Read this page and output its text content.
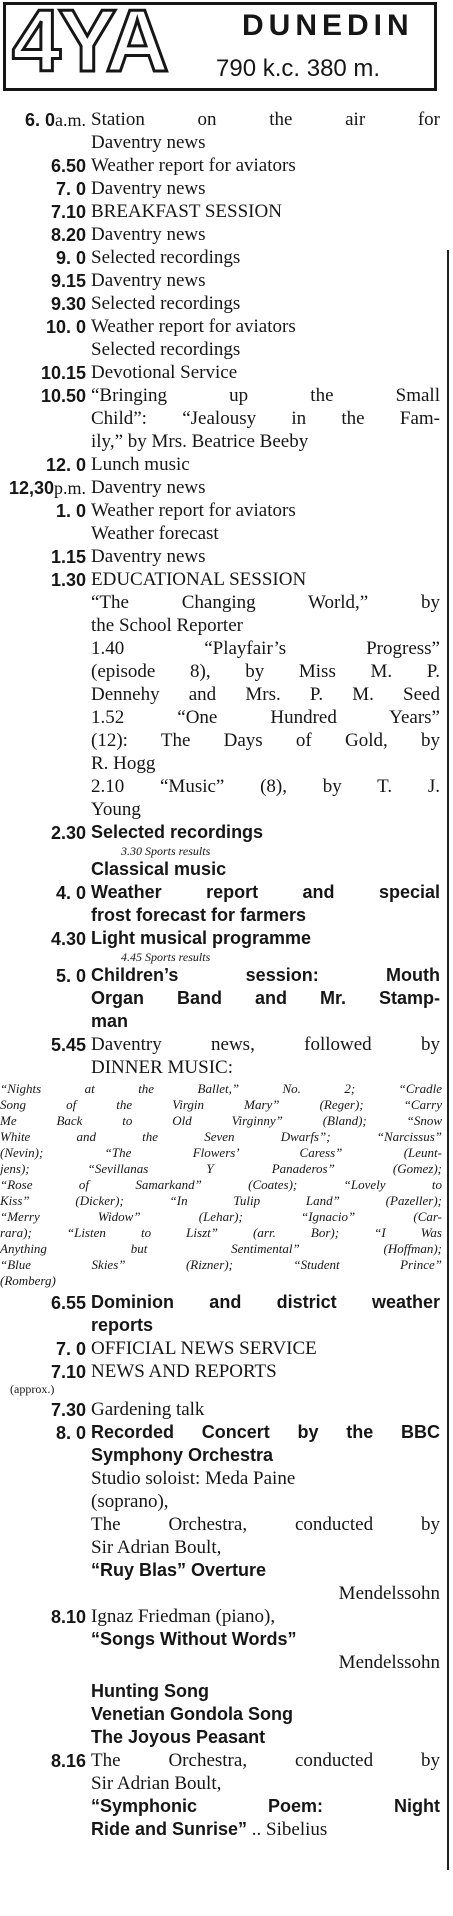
4YA	DUNEDIN
790 k.c. 380 m.
6. 0a.m. Station on the air for
Daventry news
6.50 Weather report for aviators
7. 0 Daventry news
7.10 BREAKFAST SESSION
8.20 Daventry news
9. 0 Selected recordings
9.15 Daventry news
9.30 Selected recordings
10. 0 Weather report for aviators
Selected recordings
10.15 Devotional Service
10.50 “Bringing up the Small
Child”: “Jealousy in the Fam-
ily,” by Mrs. Beatrice Beeby
12. 0 Lunch music
12,30p.m. Daventry news
1. 0 Weather report for aviators
Weather forecast
1.15 Daventry news
1.30 EDUCATIONAL SESSION
“The Changing World,” by
the School Reporter
1.40 “Playfair’s Progress”
(episode 8), by Miss M. P.
Dennehy and Mrs. P. M. Seed
1.52 “One Hundred Years”
(12): The Days of Gold, by
R. Hogg
2.10 “Music” (8), by T. J.
Young
2.30 Selected recordings
3.30 Sports results
Classical music
4. 0 Weather report and special
frost forecast for farmers
4.30 Light musical programme
4.45 Sports results
5. 0 Children’s session: Mouth
Organ Band and Mr. Stamp-
man
5.45 Daventry news, followed by
DINNER MUSIC:
“Nights at the Ballet,” No. 2; “Cradle
Song of the Virgin Mary” (Reger); “Carry
Me Back to Old Virginny” (Bland); “Snow
White and the Seven Dwarfs”; “Narcissus”
(Nevin); “The Flowers’ Caress” (Leunt-
jens); “Sevillanas Y Panaderos” (Gomez);
“Rose of Samarkand” (Coates); “Lovely to
Kiss” (Dicker); “In Tulip Land” (Pazeller);
“Merry Widow” (Lehar); “Ignacio” (Car-
rara); “Listen to Liszt” (arr. Bor); “I Was
Anything but Sentimental” (Hoffman);
“Blue Skies” (Rizner); “Student Prince”
(Romberg)
6.55 Dominion and district weather
reports
7. 0 OFFICIAL NEWS SERVICE
7.10
(approx.)
NEWS AND REPORTS
7.30 Gardening talk
8. 0 Recorded Concert by the BBC
Symphony Orchestra
Studio soloist: Meda Paine
(soprano),
The Orchestra, conducted by
Sir Adrian Boult,
“Ruy Blas” Overture
Mendelssohn
8.10 Ignaz Friedman (piano),
“Songs Without Words”
Mendelssohn
Hunting Song
Venetian Gondola Song
The Joyous Peasant
8.16 The Orchestra, conducted by
Sir Adrian Boult,
“Symphonic Poem: Night
Ride and Sunrise” .. Sibelius
